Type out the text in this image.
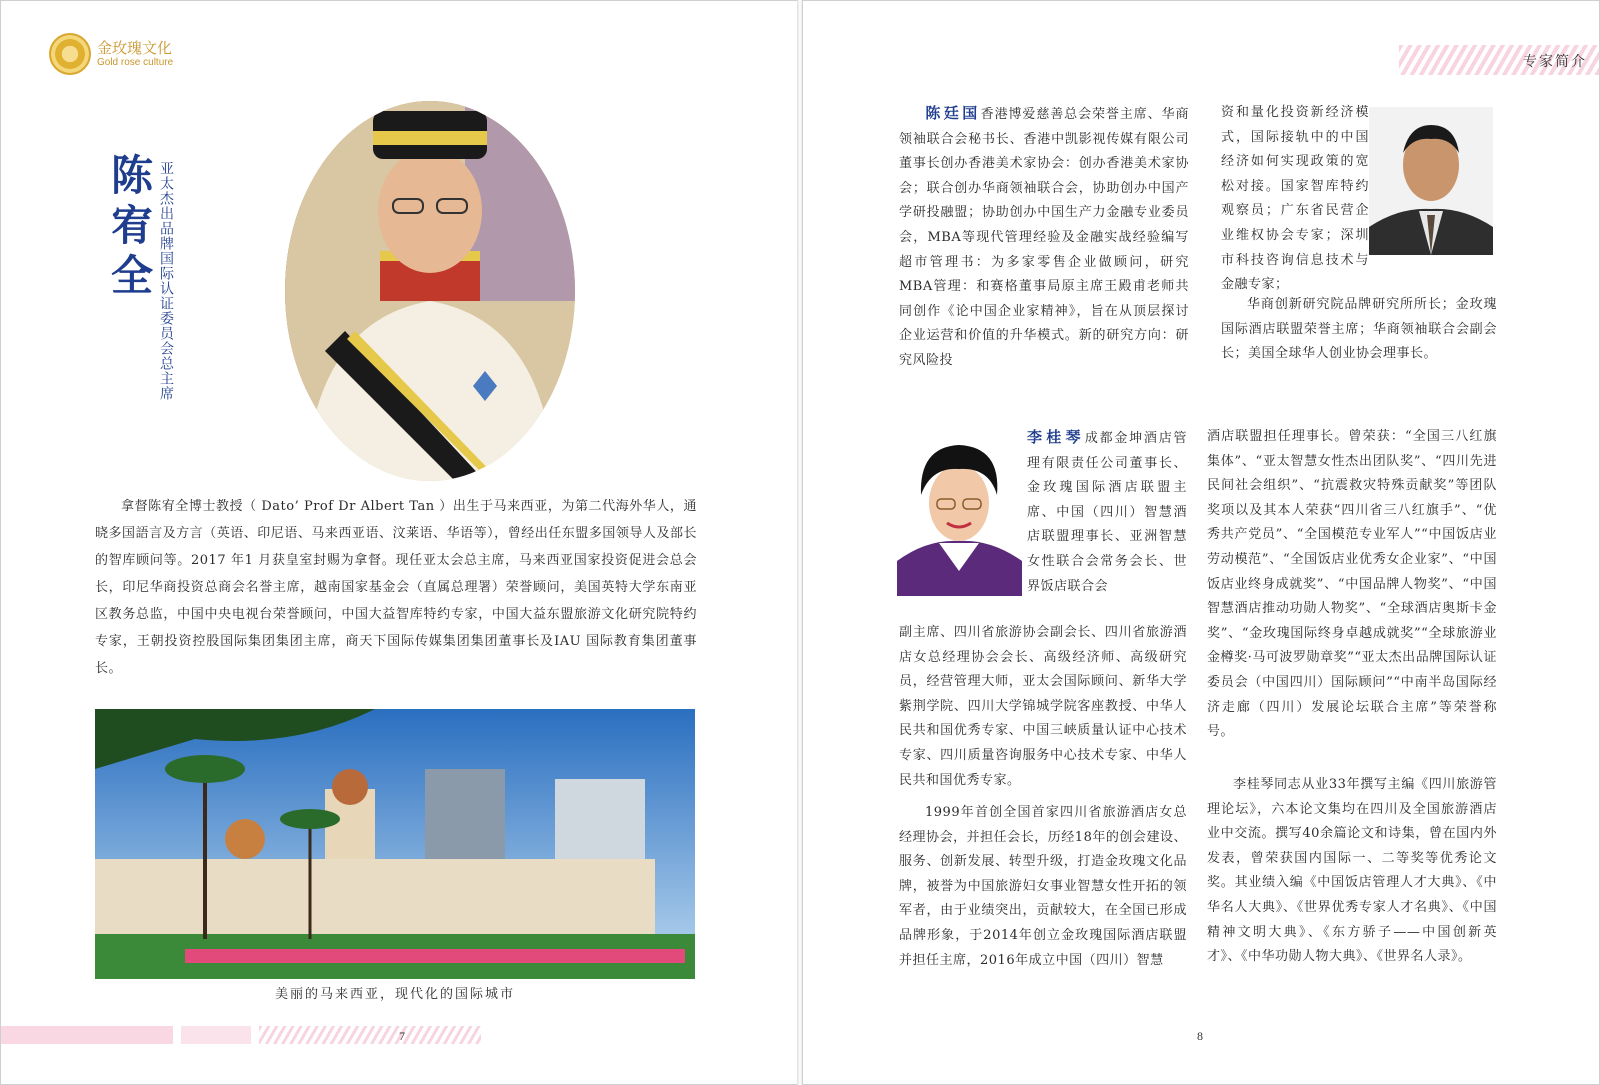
金玫瑰文化
Gold rose culture
陈宥全 亚太杰出品牌国际认证委员会总主席
拿督陈宥全博士教授（ Dato’ Prof Dr Albert Tan ）出生于马来西亚，为第二代海外华人，通晓多国語言及方言（英语、印尼语、马来西亚语、汶莱语、华语等），曾经出任东盟多国领导人及部长的智库顾问等。2017 年1 月获皇室封赐为拿督。现任亚太会总主席，马来西亚国家投资促进会总会长，印尼华商投资总商会名誉主席，越南国家基金会（直属总理署）荣誉顾问，美国英特大学东南亚区教务总监，中国中央电视台荣誉顾问，中国大益智库特约专家，中国大益东盟旅游文化研究院特约专家，王朝投资控股国际集团集团主席，商天下国际传媒集团集团董事长及IAU 国际教育集团董事长。
美丽的马来西亚，现代化的国际城市
7
专家简介
陈廷国香港博爱慈善总会荣誉主席、华商领袖联合会秘书长、香港中凯影视传媒有限公司 董事长创办香港美术家协会：创办香港美术家协会；联合创办华商领袖联合会，协助创办中国产学研投融盟；协助创办中国生产力金融专业委员会，MBA等现代管理经验及金融实战经验编写超市管理书：为多家零售企业做顾问，研究MBA管理：和赛格董事局原主席王殿甫老师共同创作《论中国企业家精神》，旨在从顶层探讨企业运营和价值的升华模式。新的研究方向：研究风险投
资和量化投资新经济模式，国际接轨中的中国经济如何实现政策的宽松对接。国家智库特约观察员；广东省民营企业维权协会专家；深圳市科技咨询信息技术与金融专家；
华商创新研究院品牌研究所所长；金玫瑰国际酒店联盟荣誉主席；华商领袖联合会副会长；美国全球华人创业协会理事长。
李桂琴成都金坤酒店管理有限责任公司董事长、金玫瑰国际酒店联盟主席、中国（四川）智慧酒店联盟理事长、亚洲智慧女性联合会常务会长、世界饭店联合会
副主席、四川省旅游协会副会长、四川省旅游酒店女总经理协会会长、高级经济师、高级研究员，经营管理大师，亚太会国际顾问、新华大学紫荆学院、四川大学锦城学院客座教授、中华人民共和国优秀专家、中国三峡质量认证中心技术专家、四川质量咨询服务中心技术专家、中华人民共和国优秀专家。
1999年首创全国首家四川省旅游酒店女总经理协会，并担任会长，历经18年的创会建设、服务、创新发展、转型升级，打造金玫瑰文化品牌，被誉为中国旅游妇女事业智慧女性开拓的领军者，由于业绩突出，贡献较大，在全国已形成品牌形象，于2014年创立金玫瑰国际酒店联盟并担任主席，2016年成立中国（四川）智慧
酒店联盟担任理事长。曾荣获：“全国三八红旗集体”、“亚太智慧女性杰出团队奖”、“四川先进民间社会组织”、“抗震救灾特殊贡献奖”等团队奖项以及其本人荣获“四川省三八红旗手”、“优秀共产党员”、“全国模范专业军人”“中国饭店业劳动模范”、“全国饭店业优秀女企业家”、“中国饭店业终身成就奖”、“中国品牌人物奖”、“中国智慧酒店推动功勋人物奖”、“全球酒店奥斯卡金奖”、“金玫瑰国际终身卓越成就奖”“全球旅游业金樽奖·马可波罗勋章奖”“亚太杰出品牌国际认证委员会（中国四川）国际顾问”“中南半岛国际经济走廊（四川）发展论坛联合主席”等荣誉称号。
李桂琴同志从业33年撰写主编《四川旅游管理论坛》，六本论文集均在四川及全国旅游酒店业中交流。撰写40余篇论文和诗集，曾在国内外发表，曾荣获国内国际一、二等奖等优秀论文奖。其业绩入编《中国饭店管理人才大典》、《中华名人大典》、《世界优秀专家人才名典》、《中国精神文明大典》、《东方骄子——中国创新英才》、《中华功勋人物大典》、《世界名人录》。
8
